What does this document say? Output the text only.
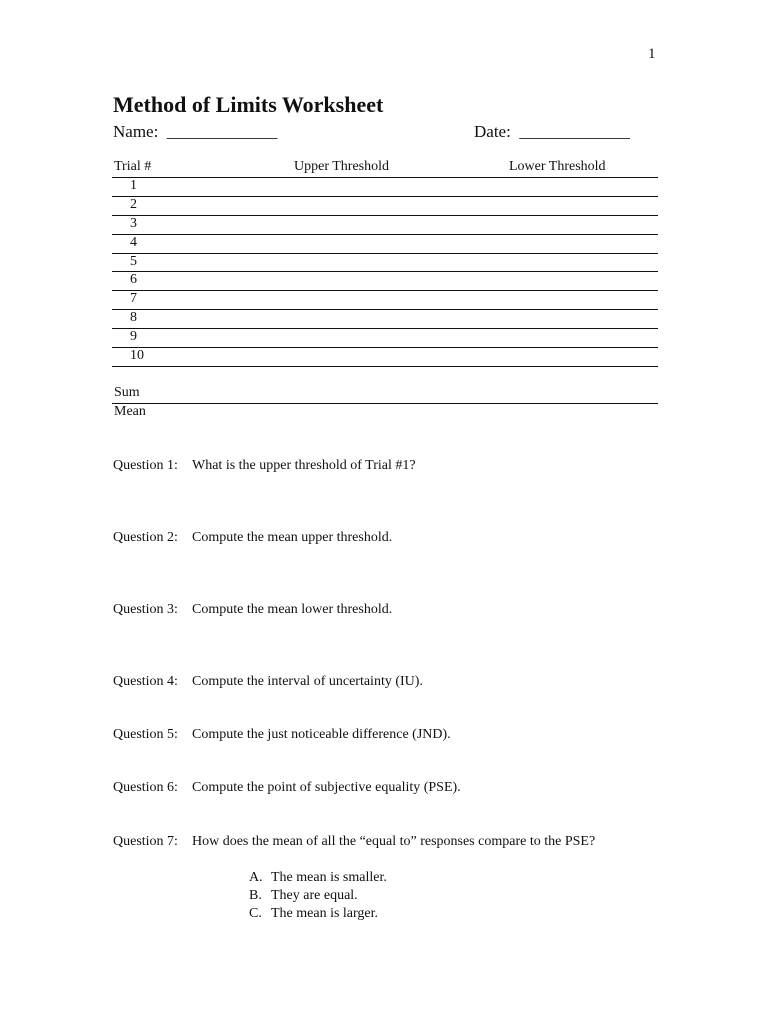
1
Method of Limits Worksheet
Name:  _____________	Date:  _____________
Trial #	Upper Threshold	Lower Threshold
1
2
3
4
5
6
7
8
9
10
Sum
Mean
Question 1: What is the upper threshold of Trial #1?
Question 2: Compute the mean upper threshold.
Question 3: Compute the mean lower threshold.
Question 4: Compute the interval of uncertainty (IU).
Question 5: Compute the just noticeable difference (JND).
Question 6: Compute the point of subjective equality (PSE).
Question 7: How does the mean of all the “equal to” responses compare to the PSE?
A. The mean is smaller.
B. They are equal.
C. The mean is larger.
